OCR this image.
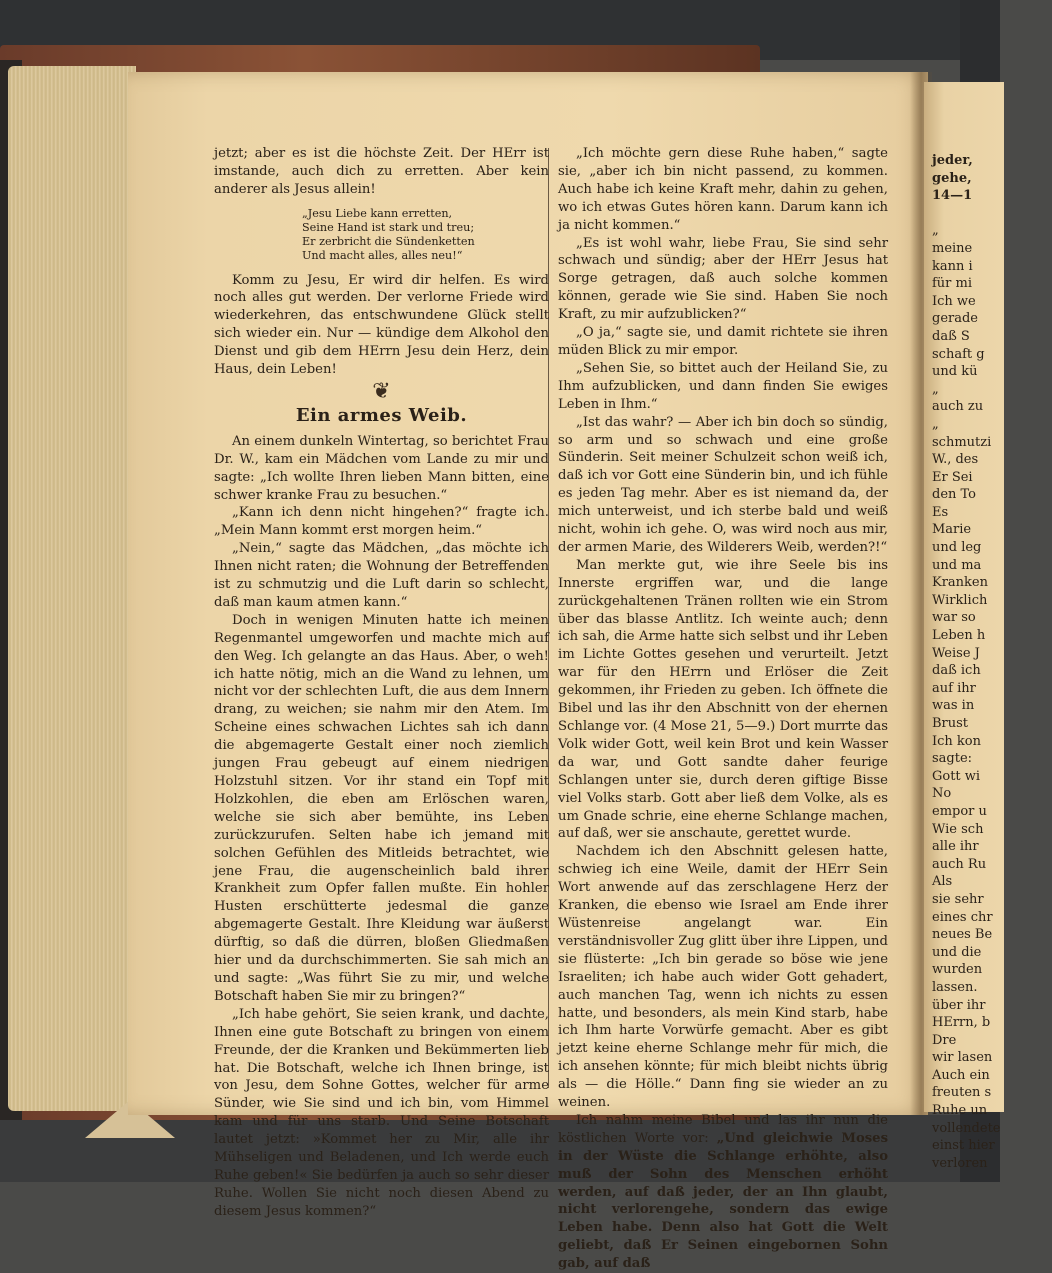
jeder,
gehe,
14—1
„
meine
kann i
für mi
Ich we
gerade
daß S
schaft g
und kü
„
auch zu
„
schmutzi
W., des
Er Sei
den To
Es
Marie
und leg
und ma
Kranken
Wirklich
war so
Leben h
Weise J
daß ich
auf ihr
was in
Brust
Ich kon
sagte:
Gott wi
No
empor u
Wie sch
alle ihr
auch Ru
Als
sie sehr
eines chr
neues Be
und die
wurden
lassen.
über ihr
HErrn, b
Dre
wir lasen
Auch ein
freuten s
Ruhe un
vollendete
einst hier
verloren

jetzt; aber es ist die höchste Zeit. Der HErr ist imstande, auch dich zu erretten. Aber kein anderer als Jesus allein!

„Jesu Liebe kann erretten,
Seine Hand ist stark und treu;
Er zerbricht die Sündenketten
Und macht alles, alles neu!“

Komm zu Jesu, Er wird dir helfen. Es wird noch alles gut werden. Der verlorne Friede wird wiederkehren, das entschwundene Glück stellt sich wieder ein. Nur — kündige dem Alkohol den Dienst und gib dem HErrn Jesu dein Herz, dein Haus, dein Leben!

❦
Ein armes Weib.

An einem dunkeln Wintertag, so berichtet Frau Dr. W., kam ein Mädchen vom Lande zu mir und sagte: „Ich wollte Ihren lieben Mann bitten, eine schwer kranke Frau zu besuchen.“

„Kann ich denn nicht hingehen?“ fragte ich. „Mein Mann kommt erst morgen heim.“

„Nein,“ sagte das Mädchen, „das möchte ich Ihnen nicht raten; die Wohnung der Betreffenden ist zu schmutzig und die Luft darin so schlecht, daß man kaum atmen kann.“

Doch in wenigen Minuten hatte ich meinen Regenmantel umgeworfen und machte mich auf den Weg. Ich gelangte an das Haus. Aber, o weh! ich hatte nötig, mich an die Wand zu lehnen, um nicht vor der schlechten Luft, die aus dem Innern drang, zu weichen; sie nahm mir den Atem. Im Scheine eines schwachen Lichtes sah ich dann die abgemagerte Gestalt einer noch ziemlich jungen Frau gebeugt auf einem niedrigen Holzstuhl sitzen. Vor ihr stand ein Topf mit Holzkohlen, die eben am Erlöschen waren, welche sie sich aber bemühte, ins Leben zurückzurufen. Selten habe ich jemand mit solchen Gefühlen des Mitleids betrachtet, wie jene Frau, die augenscheinlich bald ihrer Krankheit zum Opfer fallen mußte. Ein hohler Husten erschütterte jedesmal die ganze abgemagerte Gestalt. Ihre Kleidung war äußerst dürftig, so daß die dürren, bloßen Gliedmaßen hier und da durchschimmerten. Sie sah mich an und sagte: „Was führt Sie zu mir, und welche Botschaft haben Sie mir zu bringen?“

„Ich habe gehört, Sie seien krank, und dachte, Ihnen eine gute Botschaft zu bringen von einem Freunde, der die Kranken und Bekümmerten lieb hat. Die Botschaft, welche ich Ihnen bringe, ist von Jesu, dem Sohne Gottes, welcher für arme Sünder, wie Sie sind und ich bin, vom Himmel kam und für uns starb. Und Seine Botschaft lautet jetzt: »Kommet her zu Mir, alle ihr Mühseligen und Beladenen, und Ich werde euch Ruhe geben!« Sie bedürfen ja auch so sehr dieser Ruhe. Wollen Sie nicht noch diesen Abend zu diesem Jesus kommen?“

„Ich möchte gern diese Ruhe haben,“ sagte sie, „aber ich bin nicht passend, zu kommen. Auch habe ich keine Kraft mehr, dahin zu gehen, wo ich etwas Gutes hören kann. Darum kann ich ja nicht kommen.“

„Es ist wohl wahr, liebe Frau, Sie sind sehr schwach und sündig; aber der HErr Jesus hat Sorge getragen, daß auch solche kommen können, gerade wie Sie sind. Haben Sie noch Kraft, zu mir aufzublicken?“

„O ja,“ sagte sie, und damit richtete sie ihren müden Blick zu mir empor.

„Sehen Sie, so bittet auch der Heiland Sie, zu Ihm aufzublicken, und dann finden Sie ewiges Leben in Ihm.“

„Ist das wahr? — Aber ich bin doch so sündig, so arm und so schwach und eine große Sünderin. Seit meiner Schulzeit schon weiß ich, daß ich vor Gott eine Sünderin bin, und ich fühle es jeden Tag mehr. Aber es ist niemand da, der mich unterweist, und ich sterbe bald und weiß nicht, wohin ich gehe. O, was wird noch aus mir, der armen Marie, des Wilderers Weib, werden?!“

Man merkte gut, wie ihre Seele bis ins Innerste ergriffen war, und die lange zurückgehaltenen Tränen rollten wie ein Strom über das blasse Antlitz. Ich weinte auch; denn ich sah, die Arme hatte sich selbst und ihr Leben im Lichte Gottes gesehen und verurteilt. Jetzt war für den HErrn und Erlöser die Zeit gekommen, ihr Frieden zu geben. Ich öffnete die Bibel und las ihr den Abschnitt von der ehernen Schlange vor. (4 Mose 21, 5—9.) Dort murrte das Volk wider Gott, weil kein Brot und kein Wasser da war, und Gott sandte daher feurige Schlangen unter sie, durch deren giftige Bisse viel Volks starb. Gott aber ließ dem Volke, als es um Gnade schrie, eine eherne Schlange machen, auf daß, wer sie anschaute, gerettet wurde.

Nachdem ich den Abschnitt gelesen hatte, schwieg ich eine Weile, damit der HErr Sein Wort anwende auf das zerschlagene Herz der Kranken, die ebenso wie Israel am Ende ihrer Wüstenreise angelangt war. Ein verständnisvoller Zug glitt über ihre Lippen, und sie flüsterte: „Ich bin gerade so böse wie jene Israeliten; ich habe auch wider Gott gehadert, auch manchen Tag, wenn ich nichts zu essen hatte, und besonders, als mein Kind starb, habe ich Ihm harte Vorwürfe gemacht. Aber es gibt jetzt keine eherne Schlange mehr für mich, die ich ansehen könnte; für mich bleibt nichts übrig als — die Hölle.“ Dann fing sie wieder an zu weinen.

Ich nahm meine Bibel und las ihr nun die köstlichen Worte vor: „Und gleichwie Moses in der Wüste die Schlange erhöhte, also muß der Sohn des Menschen erhöht werden, auf daß jeder, der an Ihn glaubt, nicht verlorengehe, sondern das ewige Leben habe. Denn also hat Gott die Welt geliebt, daß Er Seinen eingebornen Sohn gab, auf daß
